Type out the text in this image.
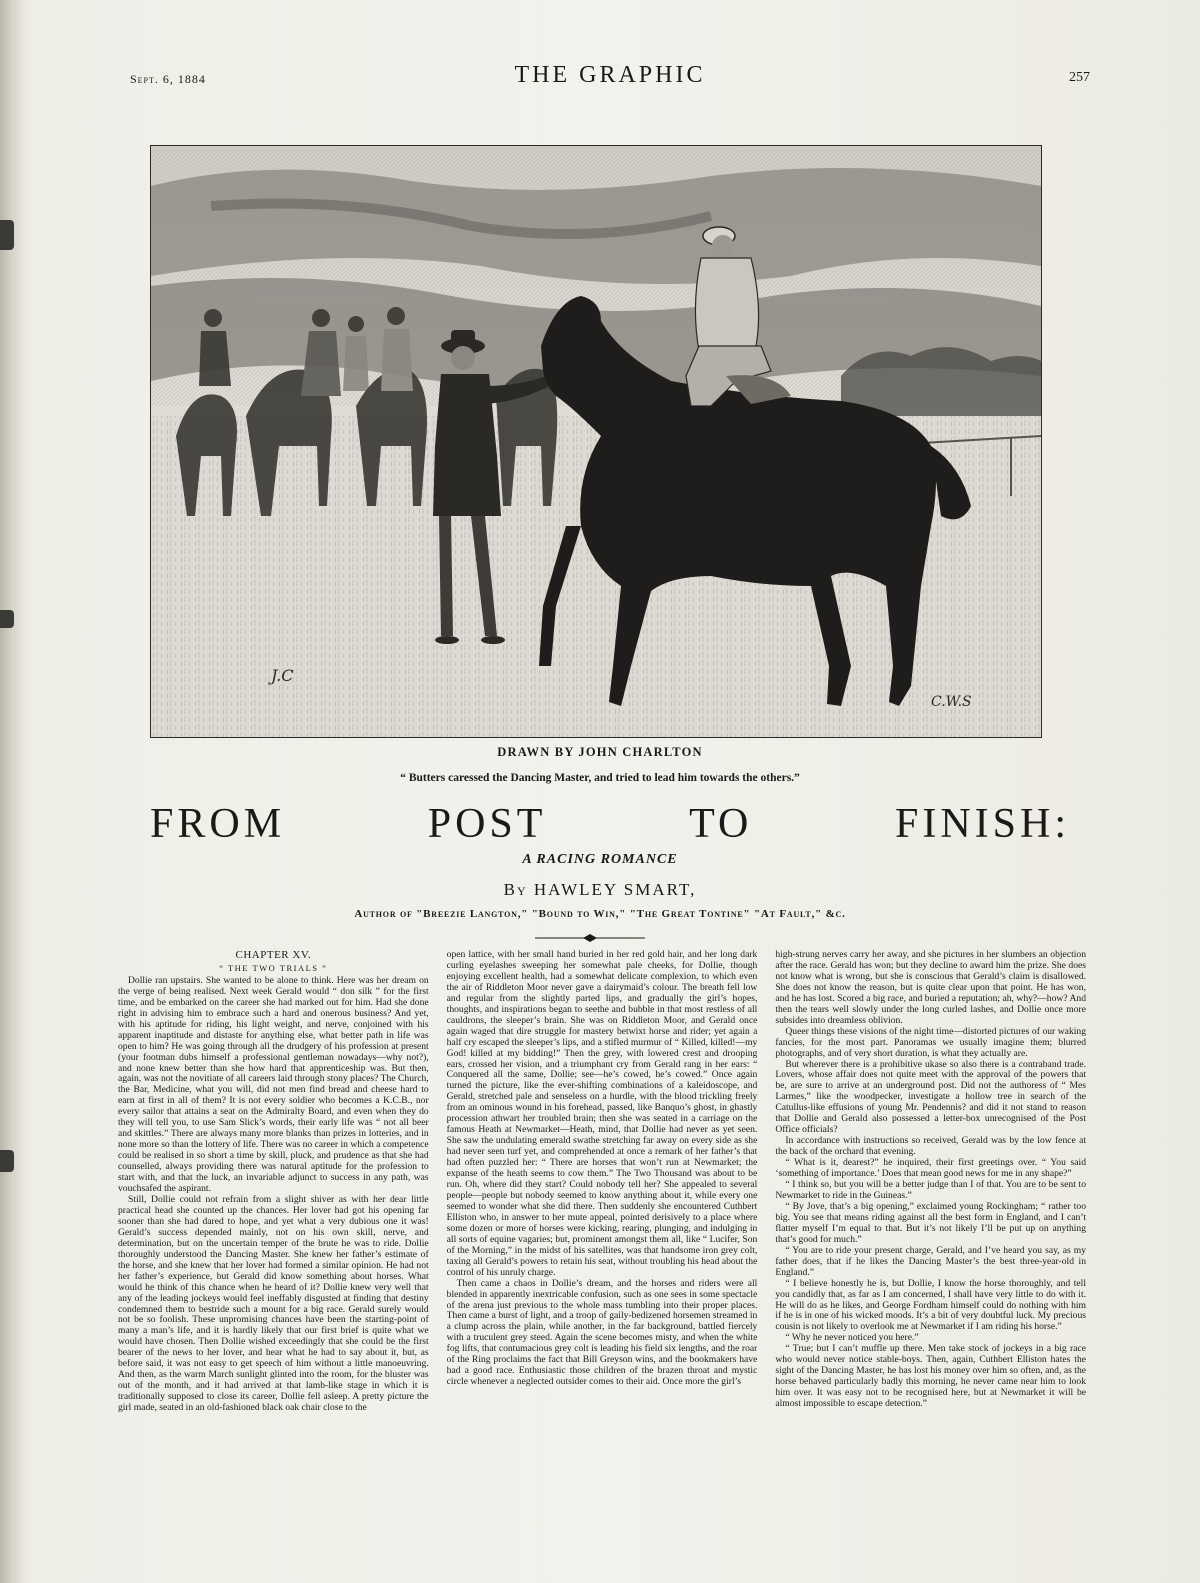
Sept. 6, 1884	THE GRAPHIC	257
J.C
C.W.S
DRAWN BY JOHN CHARLTON
“ Butters caressed the Dancing Master, and tried to lead him towards the others.”
FROM	POST	TO	FINISH:
A RACING ROMANCE
By HAWLEY SMART,
Author of "Breezie Langton," "Bound to Win," "The Great Tontine" "At Fault," &c.
CHAPTER XV.
“ THE TWO TRIALS ”

Dollie ran upstairs. She wanted to be alone to think. Here was her dream on the verge of being realised. Next week Gerald would “ don silk ” for the first time, and be embarked on the career she had marked out for him. Had she done right in advising him to embrace such a hard and onerous business? And yet, with his aptitude for riding, his light weight, and nerve, conjoined with his apparent inaptitude and distaste for anything else, what better path in life was open to him? He was going through all the drudgery of his profession at present (your footman dubs himself a professional gentleman nowadays—why not?), and none knew better than she how hard that apprenticeship was. But then, again, was not the novitiate of all careers laid through stony places? The Church, the Bar, Medicine, what you will, did not men find bread and cheese hard to earn at first in all of them? It is not every soldier who becomes a K.C.B., nor every sailor that attains a seat on the Admiralty Board, and even when they do they will tell you, to use Sam Slick’s words, their early life was “ not all beer and skittles.” There are always many more blanks than prizes in lotteries, and in none more so than the lottery of life. There was no career in which a competence could be realised in so short a time by skill, pluck, and prudence as that she had counselled, always providing there was natural aptitude for the profession to start with, and that the luck, an invariable adjunct to success in any path, was vouchsafed the aspirant.

Still, Dollie could not refrain from a slight shiver as with her dear little practical head she counted up the chances. Her lover had got his opening far sooner than she had dared to hope, and yet what a very dubious one it was! Gerald’s success depended mainly, not on his own skill, nerve, and determination, but on the uncertain temper of the brute he was to ride. Dollie thoroughly understood the Dancing Master. She knew her father’s estimate of the horse, and she knew that her lover had formed a similar opinion. He had not her father’s experience, but Gerald did know something about horses. What would he think of this chance when he heard of it? Dollie knew very well that any of the leading jockeys would feel ineffably disgusted at finding that destiny condemned them to bestride such a mount for a big race. Gerald surely would not be so foolish. These unpromising chances have been the starting-point of many a man’s life, and it is hardly likely that our first brief is quite what we would have chosen. Then Dollie wished exceedingly that she could be the first bearer of the news to her lover, and hear what he had to say about it, but, as before said, it was not easy to get speech of him without a little manoeuvring. And then, as the warm March sunlight glinted into the room, for the bluster was out of the month, and it had arrived at that lamb-like stage in which it is traditionally supposed to close its career, Dollie fell asleep. A pretty picture the girl made, seated in an old-fashioned black oak chair close to the

open lattice, with her small hand buried in her red gold hair, and her long dark curling eyelashes sweeping her somewhat pale cheeks, for Dollie, though enjoying excellent health, had a somewhat delicate complexion, to which even the air of Riddleton Moor never gave a dairymaid’s colour. The breath fell low and regular from the slightly parted lips, and gradually the girl’s hopes, thoughts, and inspirations began to seethe and bubble in that most restless of all cauldrons, the sleeper’s brain. She was on Riddleton Moor, and Gerald once again waged that dire struggle for mastery betwixt horse and rider; yet again a half cry escaped the sleeper’s lips, and a stifled murmur of “ Killed, killed!—my God! killed at my bidding!” Then the grey, with lowered crest and drooping ears, crossed her vision, and a triumphant cry from Gerald rang in her ears: “ Conquered all the same, Dollie; see—he’s cowed, he’s cowed.” Once again turned the picture, like the ever-shifting combinations of a kaleidoscope, and Gerald, stretched pale and senseless on a hurdle, with the blood trickling freely from an ominous wound in his forehead, passed, like Banquo’s ghost, in ghastly procession athwart her troubled brain; then she was seated in a carriage on the famous Heath at Newmarket—Heath, mind, that Dollie had never as yet seen. She saw the undulating emerald swathe stretching far away on every side as she had never seen turf yet, and comprehended at once a remark of her father’s that had often puzzled her: “ There are horses that won’t run at Newmarket; the expanse of the heath seems to cow them.” The Two Thousand was about to be run. Oh, where did they start? Could nobody tell her? She appealed to several people—people but nobody seemed to know anything about it, while every one seemed to wonder what she did there. Then suddenly she encountered Cuthbert Elliston who, in answer to her mute appeal, pointed derisively to a place where some dozen or more of horses were kicking, rearing, plunging, and indulging in all sorts of equine vagaries; but, prominent amongst them all, like “ Lucifer, Son of the Morning,” in the midst of his satellites, was that handsome iron grey colt, taxing all Gerald’s powers to retain his seat, without troubling his head about the control of his unruly charge.

Then came a chaos in Dollie’s dream, and the horses and riders were all blended in apparently inextricable confusion, such as one sees in some spectacle of the arena just previous to the whole mass tumbling into their proper places. Then came a burst of light, and a troop of gaily-bedizened horsemen streamed in a clump across the plain, while another, in the far background, battled fiercely with a truculent grey steed. Again the scene becomes misty, and when the white fog lifts, that contumacious grey colt is leading his field six lengths, and the roar of the Ring proclaims the fact that Bill Greyson wins, and the bookmakers have had a good race. Enthusiastic those children of the brazen throat and mystic circle whenever a neglected outsider comes to their aid. Once more the girl’s

high-strung nerves carry her away, and she pictures in her slumbers an objection after the race. Gerald has won; but they decline to award him the prize. She does not know what is wrong, but she is conscious that Gerald’s claim is disallowed. She does not know the reason, but is quite clear upon that point. He has won, and he has lost. Scored a big race, and buried a reputation; ah, why?—how? And then the tears well slowly under the long curled lashes, and Dollie once more subsides into dreamless oblivion.

Queer things these visions of the night time—distorted pictures of our waking fancies, for the most part. Panoramas we usually imagine them; blurred photographs, and of very short duration, is what they actually are.

But wherever there is a prohibitive ukase so also there is a contraband trade. Lovers, whose affair does not quite meet with the approval of the powers that be, are sure to arrive at an underground post. Did not the authoress of “ Mes Larmes,” like the woodpecker, investigate a hollow tree in search of the Catullus-like effusions of young Mr. Pendennis? and did it not stand to reason that Dollie and Gerald also possessed a letter-box unrecognised of the Post Office officials?

In accordance with instructions so received, Gerald was by the low fence at the back of the orchard that evening.

“ What is it, dearest?” he inquired, their first greetings over. “ You said ‘something of importance.’ Does that mean good news for me in any shape?”

“ I think so, but you will be a better judge than I of that. You are to be sent to Newmarket to ride in the Guineas.”

“ By Jove, that’s a big opening,” exclaimed young Rockingham; “ rather too big. You see that means riding against all the best form in England, and I can’t flatter myself I’m equal to that. But it’s not likely I’ll be put up on anything that’s good for much.”

“ You are to ride your present charge, Gerald, and I’ve heard you say, as my father does, that if he likes the Dancing Master’s the best three-year-old in England.”

“ I believe honestly he is, but Dollie, I know the horse thoroughly, and tell you candidly that, as far as I am concerned, I shall have very little to do with it. He will do as he likes, and George Fordham himself could do nothing with him if he is in one of his wicked moods. It’s a bit of very doubtful luck. My precious cousin is not likely to overlook me at Newmarket if I am riding his horse.”

“ Why he never noticed you here.”

“ True; but I can’t muffle up there. Men take stock of jockeys in a big race who would never notice stable-boys. Then, again, Cuthbert Elliston hates the sight of the Dancing Master, he has lost his money over him so often, and, as the horse behaved particularly badly this morning, he never came near him to look him over. It was easy not to be recognised here, but at Newmarket it will be almost impossible to escape detection.”
